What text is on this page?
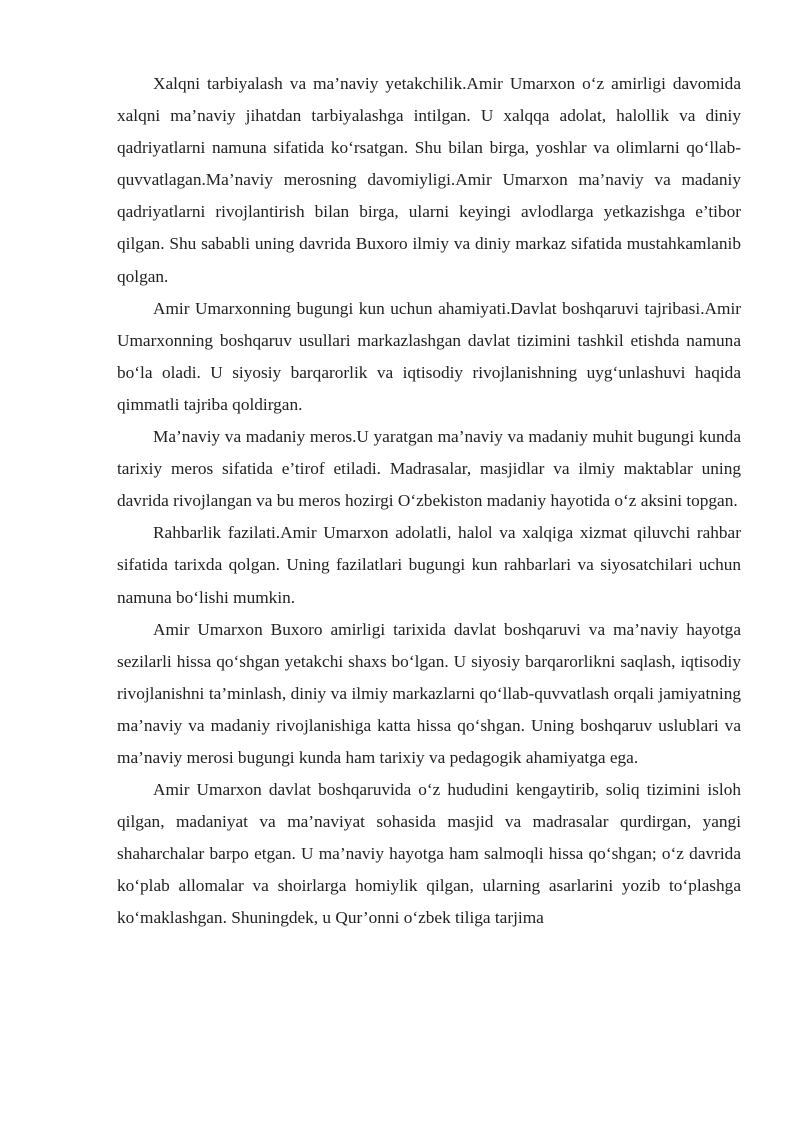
Xalqni tarbiyalash va ma’naviy yetakchilik.Amir Umarxon o‘z amirligi davomida xalqni ma’naviy jihatdan tarbiyalashga intilgan. U xalqqa adolat, halollik va diniy qadriyatlarni namuna sifatida ko‘rsatgan. Shu bilan birga, yoshlar va olimlarni qo‘llab-quvvatlagan.Ma’naviy merosning davomiyligi.Amir Umarxon ma’naviy va madaniy qadriyatlarni rivojlantirish bilan birga, ularni keyingi avlodlarga yetkazishga e’tibor qilgan. Shu sababli uning davrida Buxoro ilmiy va diniy markaz sifatida mustahkamlanib qolgan.

Amir Umarxonning bugungi kun uchun ahamiyati.Davlat boshqaruvi tajribasi.Amir Umarxonning boshqaruv usullari markazlashgan davlat tizimini tashkil etishda namuna bo‘la oladi. U siyosiy barqarorlik va iqtisodiy rivojlanishning uyg‘unlashuvi haqida qimmatli tajriba qoldirgan.

Ma’naviy va madaniy meros.U yaratgan ma’naviy va madaniy muhit bugungi kunda tarixiy meros sifatida e’tirof etiladi. Madrasalar, masjidlar va ilmiy maktablar uning davrida rivojlangan va bu meros hozirgi O‘zbekiston madaniy hayotida o‘z aksini topgan.

Rahbarlik fazilati.Amir Umarxon adolatli, halol va xalqiga xizmat qiluvchi rahbar sifatida tarixda qolgan. Uning fazilatlari bugungi kun rahbarlari va siyosatchilari uchun namuna bo‘lishi mumkin.

Amir Umarxon Buxoro amirligi tarixida davlat boshqaruvi va ma’naviy hayotga sezilarli hissa qo‘shgan yetakchi shaxs bo‘lgan. U siyosiy barqarorlikni saqlash, iqtisodiy rivojlanishni ta’minlash, diniy va ilmiy markazlarni qo‘llab-quvvatlash orqali jamiyatning ma’naviy va madaniy rivojlanishiga katta hissa qo‘shgan. Uning boshqaruv uslublari va ma’naviy merosi bugungi kunda ham tarixiy va pedagogik ahamiyatga ega.

Amir Umarxon davlat boshqaruvida o‘z hududini kengaytirib, soliq tizimini isloh qilgan, madaniyat va ma’naviyat sohasida masjid va madrasalar qurdirgan, yangi shaharchalar barpo etgan. U ma’naviy hayotga ham salmoqli hissa qo‘shgan; o‘z davrida ko‘plab allomalar va shoirlarga homiylik qilgan, ularning asarlarini yozib to‘plashga ko‘maklashgan. Shuningdek, u Qur’onni o‘zbek tiliga tarjima
